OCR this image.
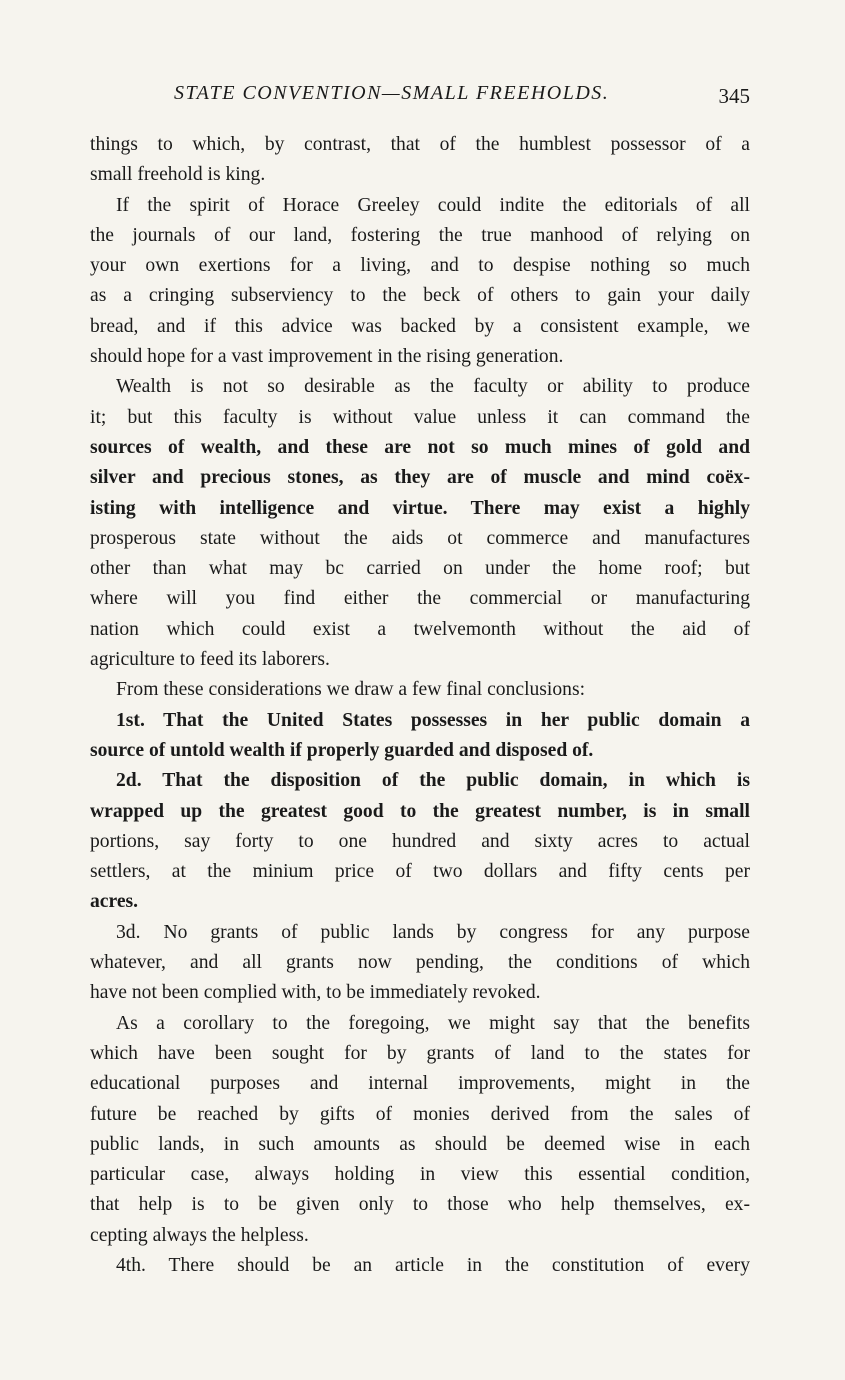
STATE CONVENTION—SMALL FREEHOLDS.	345
things to which, by contrast, that of the humblest possessor of a
small freehold is king.
If the spirit of Horace Greeley could indite the editorials of all
the journals of our land, fostering the true manhood of relying on
your own exertions for a living, and to despise nothing so much
as a cringing subserviency to the beck of others to gain your daily
bread, and if this advice was backed by a consistent example, we
should hope for a vast improvement in the rising generation.
Wealth is not so desirable as the faculty or ability to produce
it; but this faculty is without value unless it can command the
sources of wealth, and these are not so much mines of gold and
silver and precious stones, as they are of muscle and mind coëx-
isting with intelligence and virtue. There may exist a highly
prosperous state without the aids ot commerce and manufactures
other than what may bc carried on under the home roof; but
where will you find either the commercial or manufacturing
nation which could exist a twelvemonth without the aid of
agriculture to feed its laborers.
From these considerations we draw a few final conclusions:
1st. That the United States possesses in her public domain a
source of untold wealth if properly guarded and disposed of.
2d. That the disposition of the public domain, in which is
wrapped up the greatest good to the greatest number, is in small
portions, say forty to one hundred and sixty acres to actual
settlers, at the minium price of two dollars and fifty cents per
acres.
3d. No grants of public lands by congress for any purpose
whatever, and all grants now pending, the conditions of which
have not been complied with, to be immediately revoked.
As a corollary to the foregoing, we might say that the benefits
which have been sought for by grants of land to the states for
educational purposes and internal improvements, might in the
future be reached by gifts of monies derived from the sales of
public lands, in such amounts as should be deemed wise in each
particular case, always holding in view this essential condition,
that help is to be given only to those who help themselves, ex-
cepting always the helpless.
4th. There should be an article in the constitution of every
